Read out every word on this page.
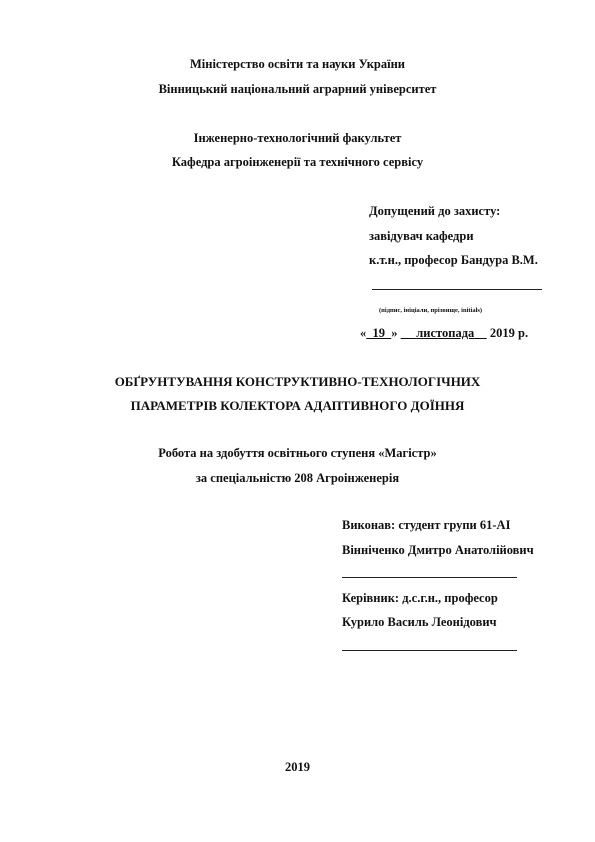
Міністерство освіти та науки України
Вінницький національний аграрний університет
Інженерно-технологічний факультет
Кафедра агроінженерії та технічного сервісу
Допущений до захисту:
завідувач кафедри
к.т.н., професор Бандура В.М.
(підпис, ініціали, прізвище, initials)
« 19 » листопада 2019 р.
ОБҐРУНТУВАННЯ КОНСТРУКТИВНО-ТЕХНОЛОГІЧНИХ
ПАРАМЕТРІВ КОЛЕКТОРА АДАПТИВНОГО ДОЇННЯ
Робота на здобуття освітнього ступеня «Магістр»
за спеціальністю 208 Агроінженерія
Виконав: студент групи 61-АІ
Вінніченко Дмитро Анатолійович
Керівник: д.с.г.н., професор
Курило Василь Леонідович
2019
